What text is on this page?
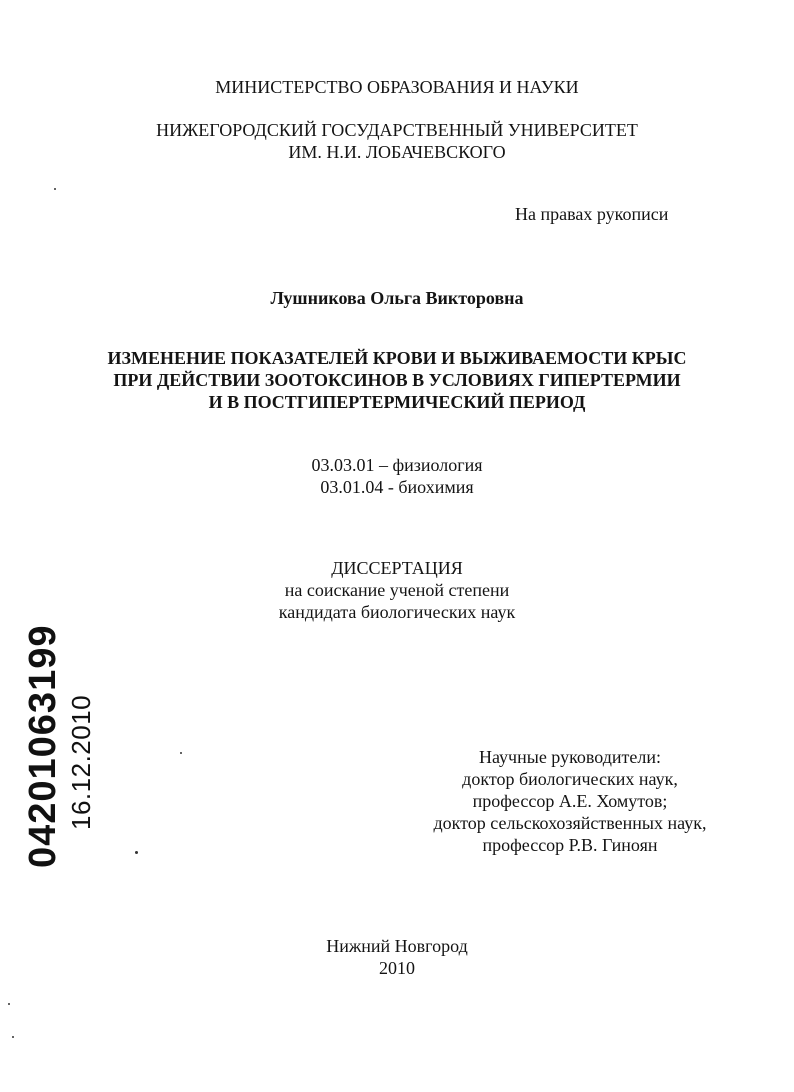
МИНИСТЕРСТВО ОБРАЗОВАНИЯ И НАУКИ
НИЖЕГОРОДСКИЙ ГОСУДАРСТВЕННЫЙ УНИВЕРСИТЕТ
ИМ. Н.И. ЛОБАЧЕВСКОГО
На правах рукописи
Лушникова Ольга Викторовна
ИЗМЕНЕНИЕ ПОКАЗАТЕЛЕЙ КРОВИ И ВЫЖИВАЕМОСТИ КРЫС
ПРИ ДЕЙСТВИИ ЗООТОКСИНОВ В УСЛОВИЯХ ГИПЕРТЕРМИИ
И В ПОСТГИПЕРТЕРМИЧЕСКИЙ ПЕРИОД
03.03.01 – физиология
03.01.04 - биохимия
ДИССЕРТАЦИЯ
на соискание ученой степени
кандидата биологических наук
Научные руководители:
доктор биологических наук,
профессор А.Е. Хомутов;
доктор сельскохозяйственных наук,
профессор Р.В. Гиноян
Нижний Новгород
2010
04201063199 16.12.2010
